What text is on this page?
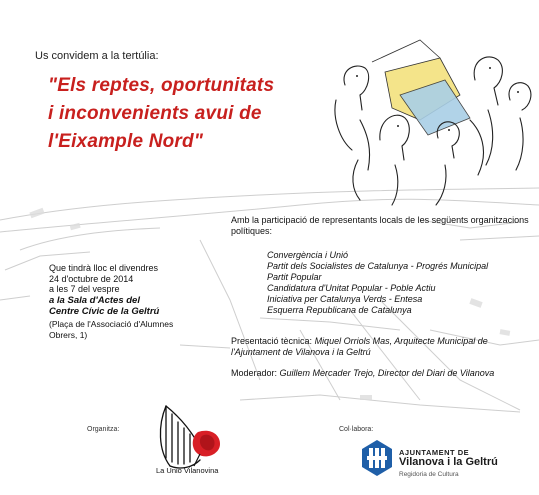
Us convidem a la tertúlia:
"Els reptes, oportunitats
i inconvenients avui de
l'Eixample Nord"
Amb la participació de representants locals de les següents organitzacions polítiques:
Convergència i Unió
Partit dels Socialistes de Catalunya - Progrés Municipal
Partit Popular
Candidatura d'Unitat Popular - Poble Actiu
Iniciativa per Catalunya Verds - Entesa
Esquerra Republicana de Catalunya
Que tindrà lloc el divendres
24 d'octubre de 2014
a les 7 del vespre
a la Sala d'Actes del
Centre Cívic de la Geltrú
(Plaça de l'Associació d'Alumnes Obrers, 1)
Presentació tècnica: Miquel Orriols Mas, Arquitecte Municipal de l'Ajuntament de Vilanova i la Geltrú
Moderador: Guillem Mercader Trejo, Director del Diari de Vilanova
Organitza:
La Unió Vilanovina
Col·labora:
AJUNTAMENT DE
Vilanova i la Geltrú
Regidoria de Cultura
